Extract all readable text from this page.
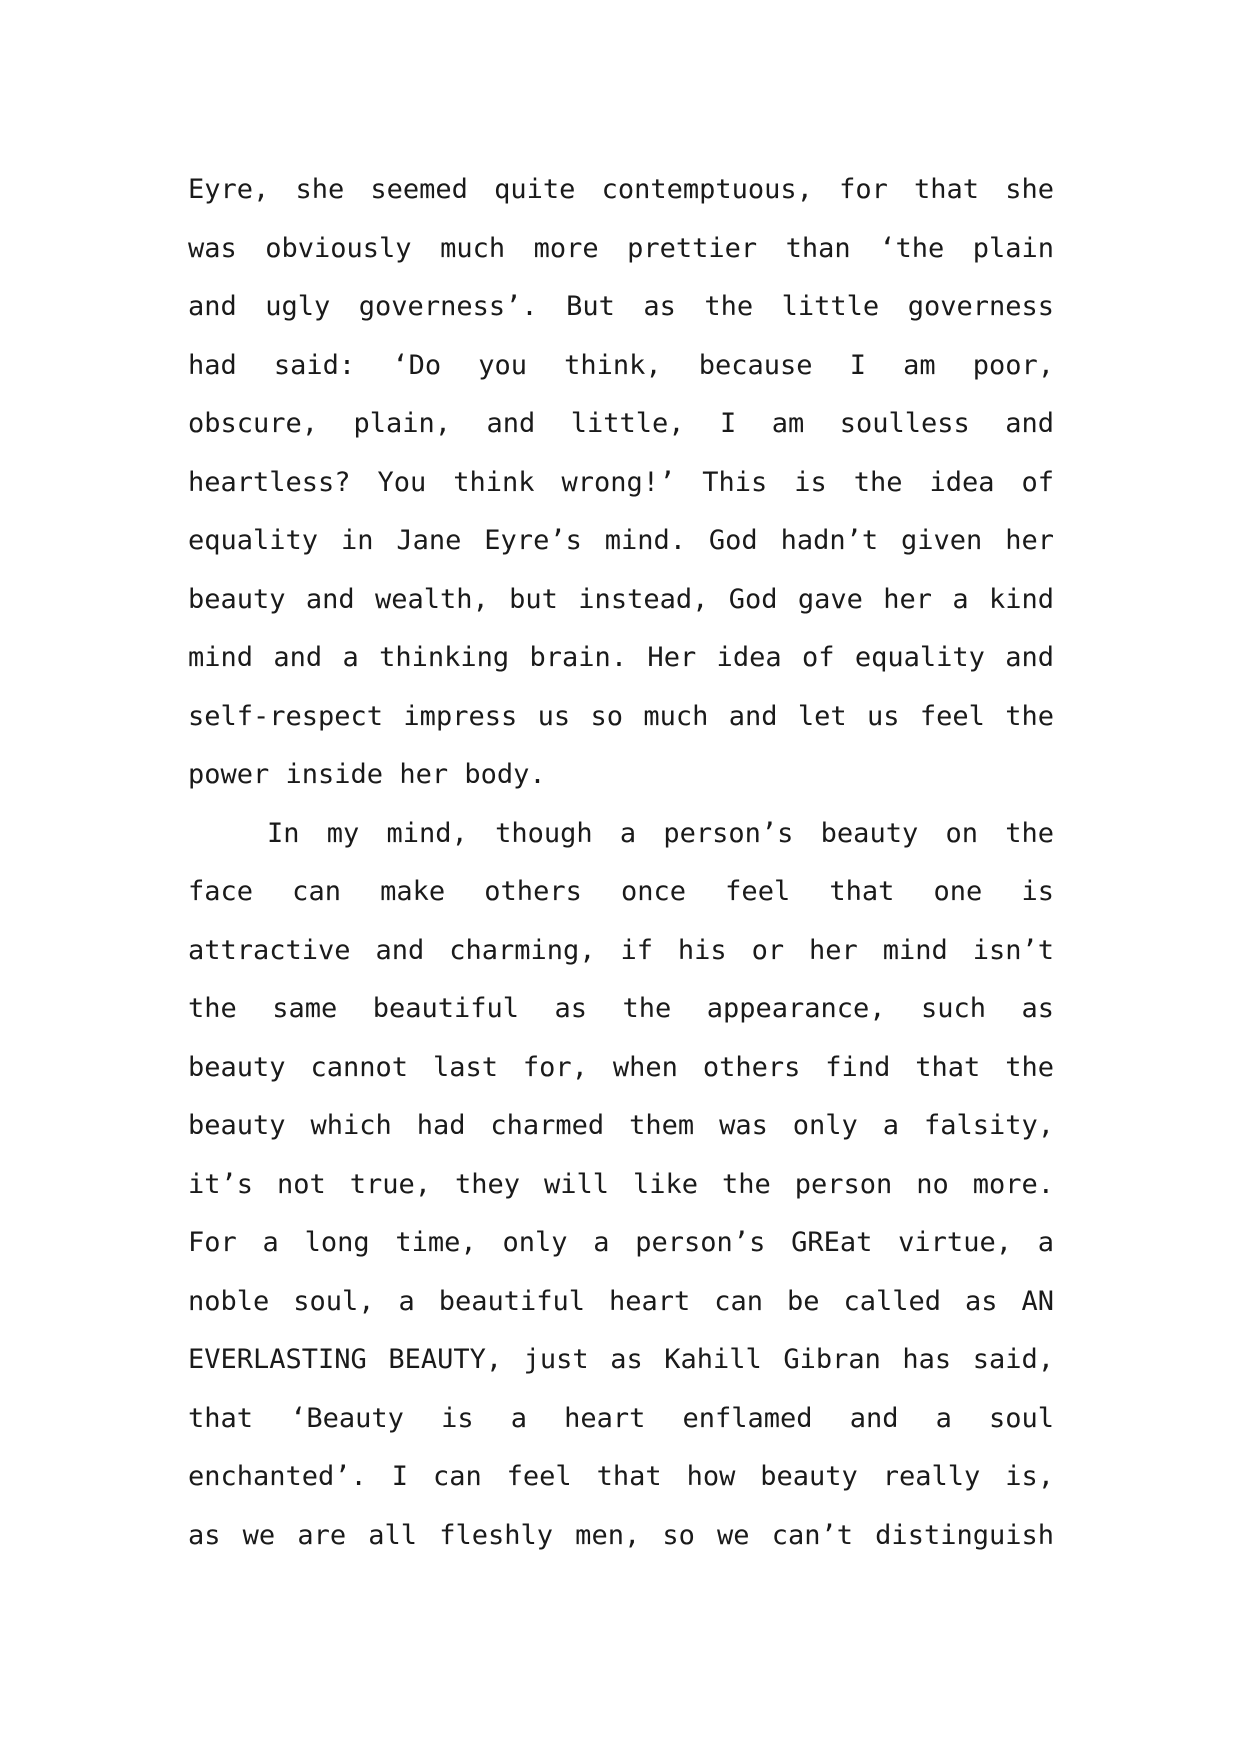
Eyre, she seemed quite contemptuous, for that she
was obviously much more prettier than ‘the plain
and ugly governess’. But as the little governess
had said: ‘Do you think, because I am poor,
obscure, plain, and little, I am soulless and
heartless? You think wrong!’ This is the idea of
equality in Jane Eyre’s mind. God hadn’t given her
beauty and wealth, but instead, God gave her a kind
mind and a thinking brain. Her idea of equality and
self-respect impress us so much and let us feel the
power inside her body.
In my mind, though a person’s beauty on the
face can make others once feel that one is
attractive and charming, if his or her mind isn’t
the same beautiful as the appearance, such as
beauty cannot last for, when others find that the
beauty which had charmed them was only a falsity,
it’s not true, they will like the person no more.
For a long time, only a person’s GREat virtue, a
noble soul, a beautiful heart can be called as AN
EVERLASTING BEAUTY, just as Kahill Gibran has said,
that ‘Beauty is a heart enflamed and a soul
enchanted’. I can feel that how beauty really is,
as we are all fleshly men, so we can’t distinguish
